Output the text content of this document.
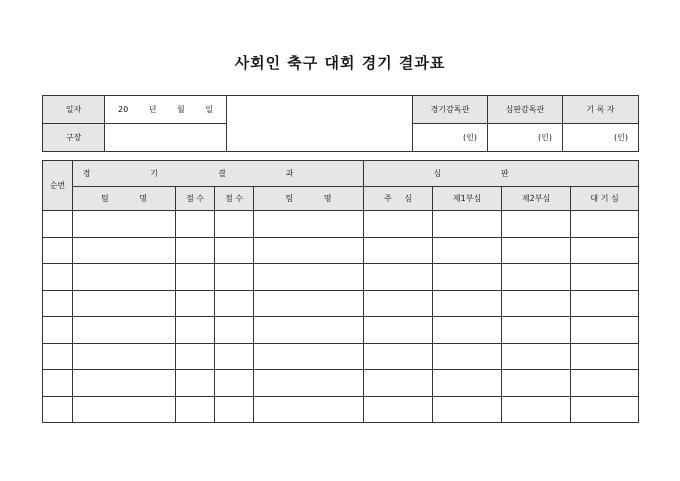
사회인 축구 대회 경기 결과표
일자	20 년 월 일		경기감독관	심판감독관	기 록 자
구장			(인)	(인)	(인)
순번	경기결과				심판			
	팀 명	점 수	점 수	팀 명	주 심	제1부심	제2부심	대 기 심
